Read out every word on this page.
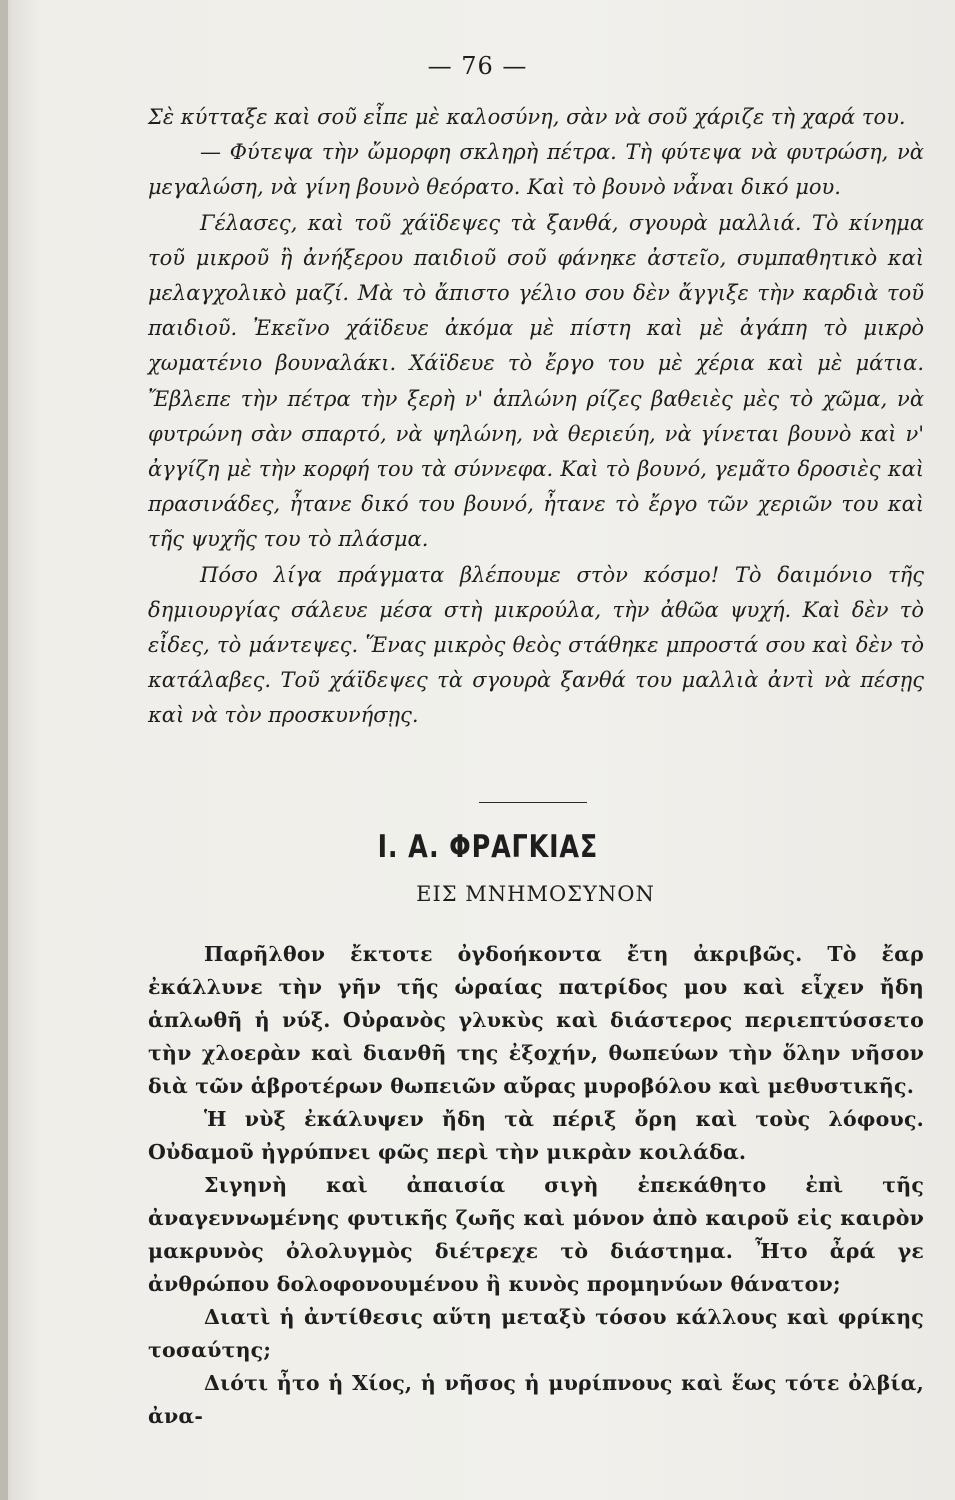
— 76 —

Σὲ κύτταξε καὶ σοῦ εἶπε μὲ καλοσύνη, σὰν νὰ σοῦ χάριζε τὴ χαρά του.

— Φύτεψα τὴν ὤμορφη σκληρὴ πέτρα. Τὴ φύτεψα νὰ φυτρώση, νὰ μεγαλώση, νὰ γίνη βουνὸ θεόρατο. Καὶ τὸ βουνὸ νἆναι δικό μου.

Γέλασες, καὶ τοῦ χάϊδεψες τὰ ξανθά, σγουρὰ μαλλιά. Τὸ κίνημα τοῦ μικροῦ ἢ ἀνήξερου παιδιοῦ σοῦ φάνηκε ἀστεῖο, συμπαθητικὸ καὶ μελαγχολικὸ μαζί. Μὰ τὸ ἄπιστο γέλιο σου δὲν ἄγγιξε τὴν καρδιὰ τοῦ παιδιοῦ. Ἐκεῖνο χάϊδευε ἀκόμα μὲ πίστη καὶ μὲ ἀγάπη τὸ μικρὸ χωματένιο βουναλάκι. Χάϊδευε τὸ ἔργο του μὲ χέρια καὶ μὲ μάτια. Ἔβλεπε τὴν πέτρα τὴν ξερὴ ν' ἁπλώνη ρίζες βαθειὲς μὲς τὸ χῶμα, νὰ φυτρώνη σὰν σπαρτό, νὰ ψηλώνη, νὰ θεριεύη, νὰ γίνεται βουνὸ καὶ ν' ἀγγίζη μὲ τὴν κορφή του τὰ σύννεφα. Καὶ τὸ βουνό, γεμᾶτο δροσιὲς καὶ πρασινάδες, ἦτανε δικό του βουνό, ἦτανε τὸ ἔργο τῶν χεριῶν του καὶ τῆς ψυχῆς του τὸ πλάσμα.

Πόσο λίγα πράγματα βλέπουμε στὸν κόσμο! Τὸ δαιμόνιο τῆς δημιουργίας σάλευε μέσα στὴ μικρούλα, τὴν ἀθῶα ψυχή. Καὶ δὲν τὸ εἶδες, τὸ μάντεψες. Ἕνας μικρὸς θεὸς στάθηκε μπροστά σου καὶ δὲν τὸ κατάλαβες. Τοῦ χάϊδεψες τὰ σγουρὰ ξανθά του μαλλιὰ ἀντὶ νὰ πέσῃς καὶ νὰ τὸν προσκυνήσῃς.

I. A. ΦΡΑΓΚΙΑΣ
ΕΙΣ ΜΝΗΜΟΣΥΝΟΝ

Παρῆλθον ἔκτοτε ὀγδοήκοντα ἔτη ἀκριβῶς. Τὸ ἔαρ ἐκάλλυνε τὴν γῆν τῆς ὡραίας πατρίδος μου καὶ εἶχεν ἤδη ἁπλωθῆ ἡ νύξ. Οὐρανὸς γλυκὺς καὶ διάστερος περιεπτύσσετο τὴν χλοερὰν καὶ διανθῆ της ἐξοχήν, θωπεύων τὴν ὅλην νῆσον διὰ τῶν ἁβροτέρων θωπειῶν αὔρας μυροβόλου καὶ μεθυστικῆς.

Ἡ νὺξ ἐκάλυψεν ἤδη τὰ πέριξ ὄρη καὶ τοὺς λόφους. Οὐδαμοῦ ἠγρύπνει φῶς περὶ τὴν μικρὰν κοιλάδα.

Σιγηνὴ καὶ ἀπαισία σιγὴ ἐπεκάθητο ἐπὶ τῆς ἀναγεννωμένης φυτικῆς ζωῆς καὶ μόνον ἀπὸ καιροῦ εἰς καιρὸν μακρυνὸς ὀλολυγμὸς διέτρεχε τὸ διάστημα. Ἦτο ἆρά γε ἀνθρώπου δολοφονουμένου ἢ κυνὸς προμηνύων θάνατον;

Διατὶ ἡ ἀντίθεσις αὕτη μεταξὺ τόσου κάλλους καὶ φρίκης τοσαύτης;

Διότι ἦτο ἡ Χίος, ἡ νῆσος ἡ μυρίπνους καὶ ἕως τότε ὀλβία, ἀνα-
